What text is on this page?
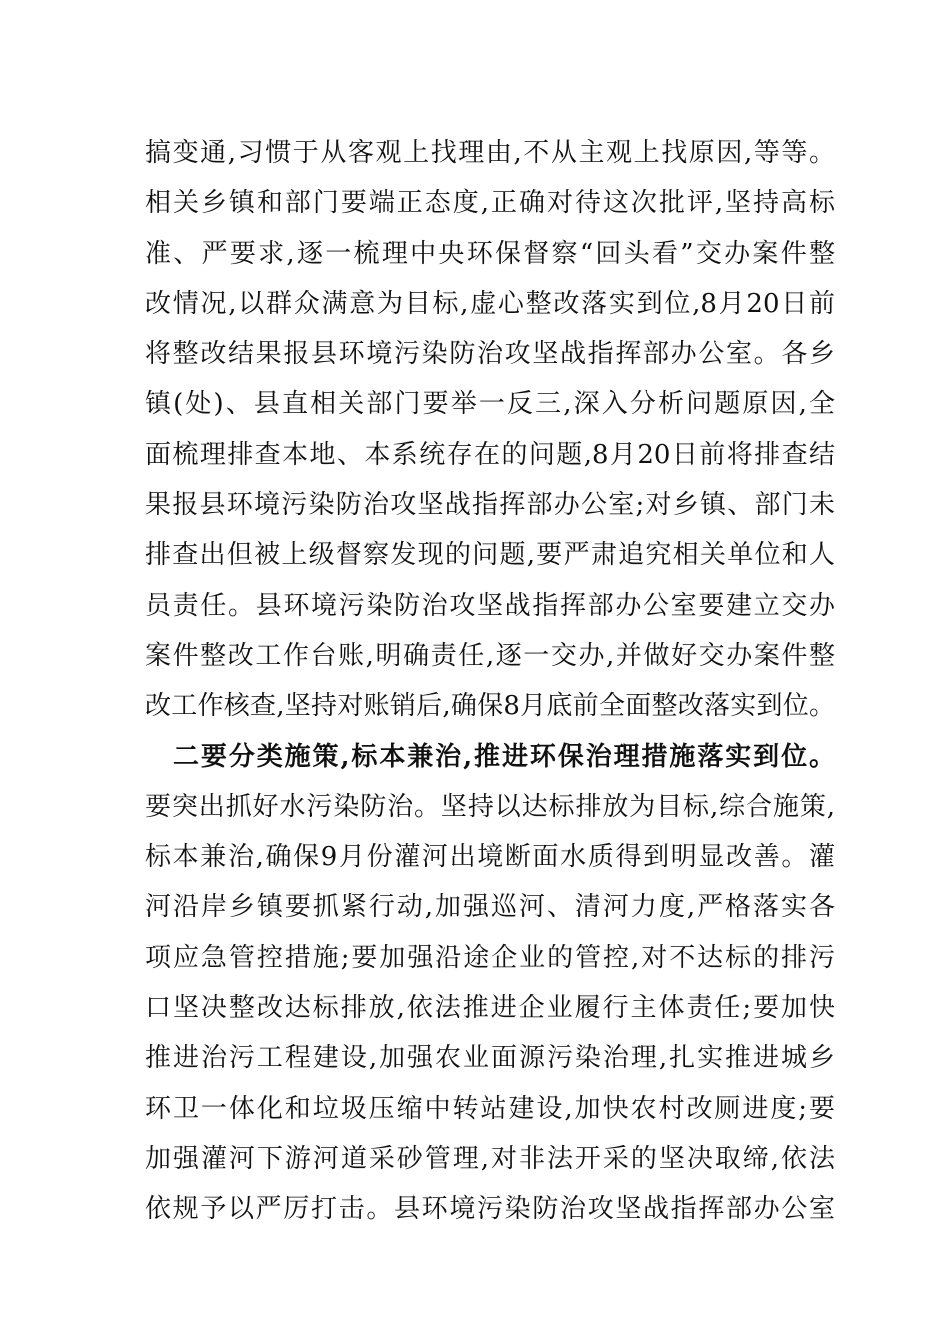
搞变通,习惯于从客观上找理由,不从主观上找原因,等等。
相关乡镇和部门要端正态度,正确对待这次批评,坚持高标
准、严要求,逐一梳理中央环保督察“回头看”交办案件整
改情况,以群众满意为目标,虚心整改落实到位,8月20日前
将整改结果报县环境污染防治攻坚战指挥部办公室。各乡
镇(处)、县直相关部门要举一反三,深入分析问题原因,全
面梳理排查本地、本系统存在的问题,8月20日前将排查结
果报县环境污染防治攻坚战指挥部办公室;对乡镇、部门未
排查出但被上级督察发现的问题,要严肃追究相关单位和人
员责任。县环境污染防治攻坚战指挥部办公室要建立交办
案件整改工作台账,明确责任,逐一交办,并做好交办案件整
改工作核查,坚持对账销后,确保8月底前全面整改落实到位。
二要分类施策,标本兼治,推进环保治理措施落实到位。
要突出抓好水污染防治。坚持以达标排放为目标,综合施策,
标本兼治,确保9月份灌河出境断面水质得到明显改善。灌
河沿岸乡镇要抓紧行动,加强巡河、清河力度,严格落实各
项应急管控措施;要加强沿途企业的管控,对不达标的排污
口坚决整改达标排放,依法推进企业履行主体责任;要加快
推进治污工程建设,加强农业面源污染治理,扎实推进城乡
环卫一体化和垃圾压缩中转站建设,加快农村改厕进度;要
加强灌河下游河道采砂管理,对非法开采的坚决取缔,依法
依规予以严厉打击。县环境污染防治攻坚战指挥部办公室
